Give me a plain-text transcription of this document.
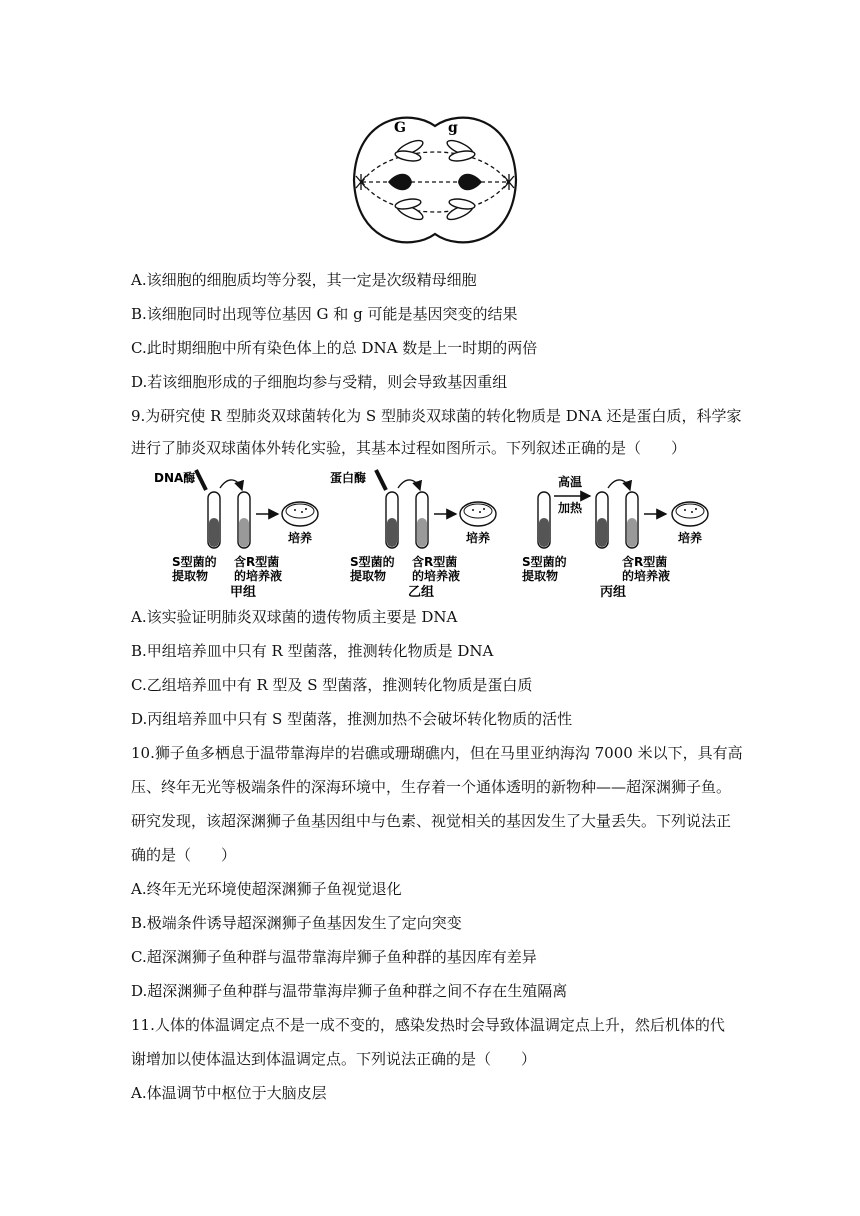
G	g
A.该细胞的细胞质均等分裂，其一定是次级精母细胞
B.该细胞同时出现等位基因 G 和 g 可能是基因突变的结果
C.此时期细胞中所有染色体上的总 DNA 数是上一时期的两倍
D.若该细胞形成的子细胞均参与受精，则会导致基因重组
9.为研究使 R 型肺炎双球菌转化为 S 型肺炎双球菌的转化物质是 DNA 还是蛋白质，科学家
进行了肺炎双球菌体外转化实验，其基本过程如图所示。下列叙述正确的是（　　）
DNA酶
S型菌的
提取物
含R型菌
的培养液
培养
甲组
蛋白酶
S型菌的
提取物
含R型菌
的培养液
培养
乙组
高温
加热
S型菌的
提取物
含R型菌
的培养液
培养
丙组
A.该实验证明肺炎双球菌的遗传物质主要是 DNA
B.甲组培养皿中只有 R 型菌落，推测转化物质是 DNA
C.乙组培养皿中有 R 型及 S 型菌落，推测转化物质是蛋白质
D.丙组培养皿中只有 S 型菌落，推测加热不会破坏转化物质的活性
10.狮子鱼多栖息于温带靠海岸的岩礁或珊瑚礁内，但在马里亚纳海沟 7000 米以下，具有高
压、终年无光等极端条件的深海环境中，生存着一个通体透明的新物种——超深渊狮子鱼。
研究发现，该超深渊狮子鱼基因组中与色素、视觉相关的基因发生了大量丢失。下列说法正
确的是（　　）
A.终年无光环境使超深渊狮子鱼视觉退化
B.极端条件诱导超深渊狮子鱼基因发生了定向突变
C.超深渊狮子鱼种群与温带靠海岸狮子鱼种群的基因库有差异
D.超深渊狮子鱼种群与温带靠海岸狮子鱼种群之间不存在生殖隔离
11.人体的体温调定点不是一成不变的，感染发热时会导致体温调定点上升，然后机体的代
谢增加以使体温达到体温调定点。下列说法正确的是（　　）
A.体温调节中枢位于大脑皮层
